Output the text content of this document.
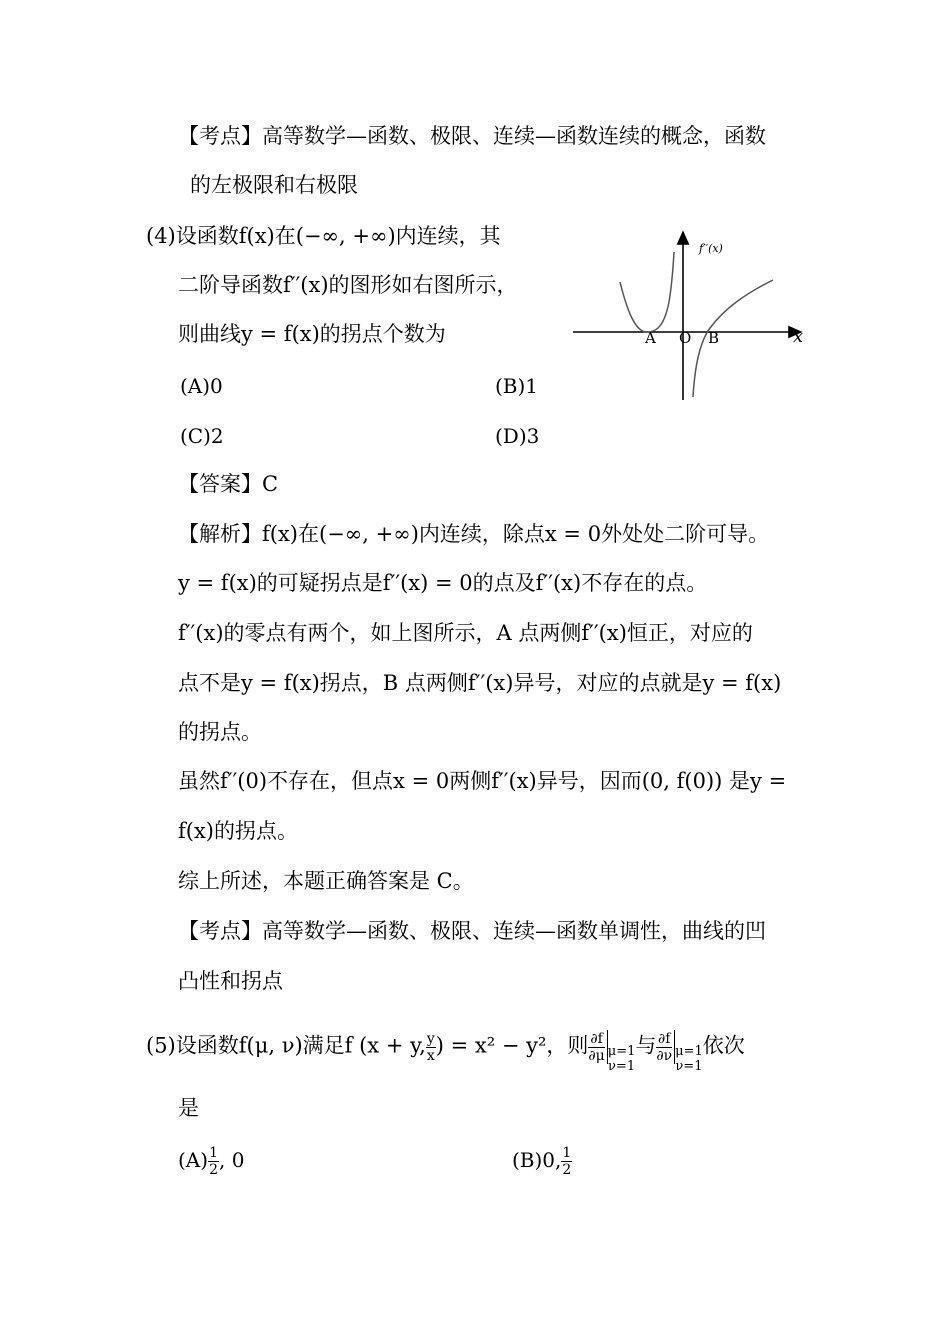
【考点】高等数学—函数、极限、连续—函数连续的概念，函数
的左极限和右极限
(4)设函数f(x)在(−∞, +∞)内连续，其
二阶导函数f′′(x)的图形如右图所示，
则曲线y = f(x)的拐点个数为
(A)0	(B)1
(C)2	(D)3
f′′(x)
x
A O B
【答案】C
【解析】f(x)在(−∞, +∞)内连续，除点x = 0外处处二阶可导。
y = f(x)的可疑拐点是f′′(x) = 0的点及f′′(x)不存在的点。
f′′(x)的零点有两个，如上图所示，A 点两侧f′′(x)恒正，对应的
点不是y = f(x)拐点，B 点两侧f′′(x)异号，对应的点就是y = f(x)
的拐点。
虽然f′′(0)不存在，但点x = 0两侧f′′(x)异号，因而(0, f(0)) 是y =
f(x)的拐点。
综上所述，本题正确答案是 C。
【考点】高等数学—函数、极限、连续—函数单调性，曲线的凹
凸性和拐点
(5)设函数f(μ, ν)满足f (x + y, $\frac{y}{x}$ ) = x² − y²，则 $\frac{\partial f}{\partial\mu} \mu=1$
ν=1与 $\frac{\partial f}{\partial\nu} \mu=1$
ν=1依次
是
$(A) \frac{1}{2}$ , 0	(B)0, $\frac{1}{2}$
